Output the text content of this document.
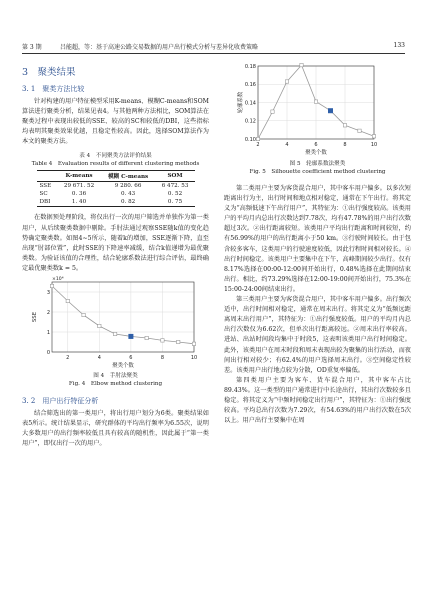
第 3 期	吕能超，等：基于高速公路交易数据的用户出行模式分析与差异化收费策略	133
3　聚类结果
3. 1　聚类方法比较

针对构建的用户特征模型采用K-means、模糊C-means和SOM算法进行聚类分析，结果见表4。与其他两种方法相比，SOM算法在聚类过程中表现出较低的SSE、较高的SC和较低的DBI，这些指标均表明其聚类效果优越，且稳定性较高。因此，选择SOM算法作为本文的聚类方法。

表 4　不同聚类方法评价结果
Table 4　Evaluation results of different clustering methods
	K-means	模糊 C-means	SOM
SSE	29 671. 52	9 280. 66	6 472. 53
SC	0. 36	0. 43	0. 52
DBI	1. 40	0. 82	0. 75

在数据预处理阶段，将仅出行一次的用户筛选并单独作为第一类用户，从后续聚类数据中剔除。手肘法通过观察SSE随k值的变化趋势确定聚类数。如图4~5所示，随着k的增加，SSE逐渐下降，直至出现“肘部位置”，此时SSE的下降速率减缓，结合k值递增为最优聚类数。为验证该值的合理性，结合轮廓系数法进行综合评估，最终确定最优聚类数k = 5。

2	4	6	8	10
0
1
2
3
聚类个数
SSE
×10⁴
图 4　手肘法聚类
Fig. 4　Elbow method clustering
3. 2　用户出行特征分析

结合筛选出的第一类用户，将出行用户划分为6类。聚类结果如表5所示。统计结果显示，研究群体的平均出行频率为6.55次，说明大多数用户的出行频率较低且具有较高的随机性，因此属于“第一类用户”，即仅出行一次的用户。

2	4	6	8	10
0.10
0.12
0.14
0.16
0.18
聚类个数
轮廓系数
图 5　轮廓系数法聚类
Fig. 5　Silhouette coefficient method clustering

第二类用户主要为客货混合用户，其中客车用户偏多。以多次短距离出行为主，出行时间和地点相对稳定，通常在下午出行。将其定义为“高频低速下午出行用户”，其特征为：①出行强度较高。该类用户的平均月内总出行次数达到7.78次，均有47.78%的用户出行次数超过3次。②出行距离较短。该类用户平均出行距离和时间较短，约有56.99%的用户的出行距离小于50 km。③行驶时间较长。由于包含较多客车，这类用户的行驶速度较低，因此行程时间相对较长。④出行时间稳定。该类用户主要集中在下午，高峰期间较少出行。仅有8.17%选择在00:00-12:00间开始出行，0.48%选择在此期间结束出行。相比，约73.29%选择在12:00-19:00间开始出行，75.3%在15:00-24:00间结束出行。

第三类用户主要为客货混合用户，其中客车用户偏多。出行频次适中，出行时间相对稳定，通常在周末出行。将其定义为“低频远距离周末出行用户”，其特征为：①出行强度较低。用户的平均月内总出行次数仅为6.62次，但单次出行距离较远。②周末出行率较高。进站、出站时间段均集中于时段5，这表明该类用户出行时间稳定。此外，该类用户在周末时段和周末表现出较为聚集的出行活动，而夜间出行相对较少；有62.4%的用户选择周末出行。③空间稳定性较差。该类用户出行地点较为分散，OD重复率偏低。

第四类用户主要为客车、货车混合用户，其中客车占比89.43%。这一类型的用户通常进行中长途出行，其出行次数较多且稳定。将其定义为“中频时间稳定出行用户”，其特征为：①出行强度较高。平均总出行次数为7.29次，有54.63%的用户出行次数在5次以上。用户出行主要集中在周
